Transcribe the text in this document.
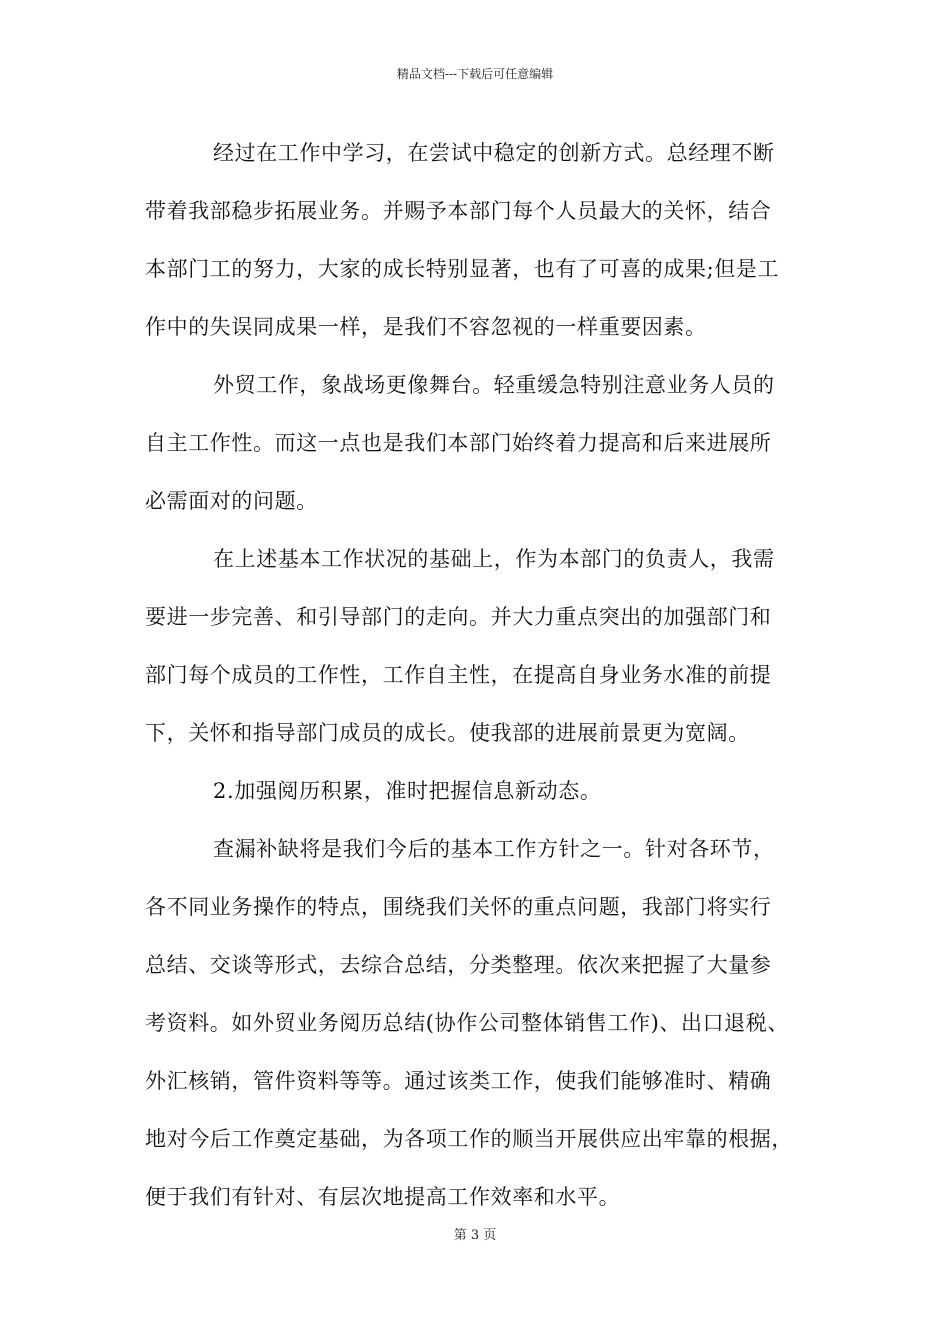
精品文档---下载后可任意编辑
经过在工作中学习，在尝试中稳定的创新方式。总经理不断
带着我部稳步拓展业务。并赐予本部门每个人员最大的关怀，结合
本部门工的努力，大家的成长特别显著，也有了可喜的成果;但是工
作中的失误同成果一样，是我们不容忽视的一样重要因素。
外贸工作，象战场更像舞台。轻重缓急特别注意业务人员的
自主工作性。而这一点也是我们本部门始终着力提高和后来进展所
必需面对的问题。
在上述基本工作状况的基础上，作为本部门的负责人，我需
要进一步完善、和引导部门的走向。并大力重点突出的加强部门和
部门每个成员的工作性，工作自主性，在提高自身业务水准的前提
下，关怀和指导部门成员的成长。使我部的进展前景更为宽阔。
2.加强阅历积累，准时把握信息新动态。
查漏补缺将是我们今后的基本工作方针之一。针对各环节，
各不同业务操作的特点，围绕我们关怀的重点问题，我部门将实行
总结、交谈等形式，去综合总结，分类整理。依次来把握了大量参
考资料。如外贸业务阅历总结(协作公司整体销售工作)、出口退税、
外汇核销，管件资料等等。通过该类工作，使我们能够准时、精确
地对今后工作奠定基础，为各项工作的顺当开展供应出牢靠的根据，
便于我们有针对、有层次地提高工作效率和水平。
第 3 页
